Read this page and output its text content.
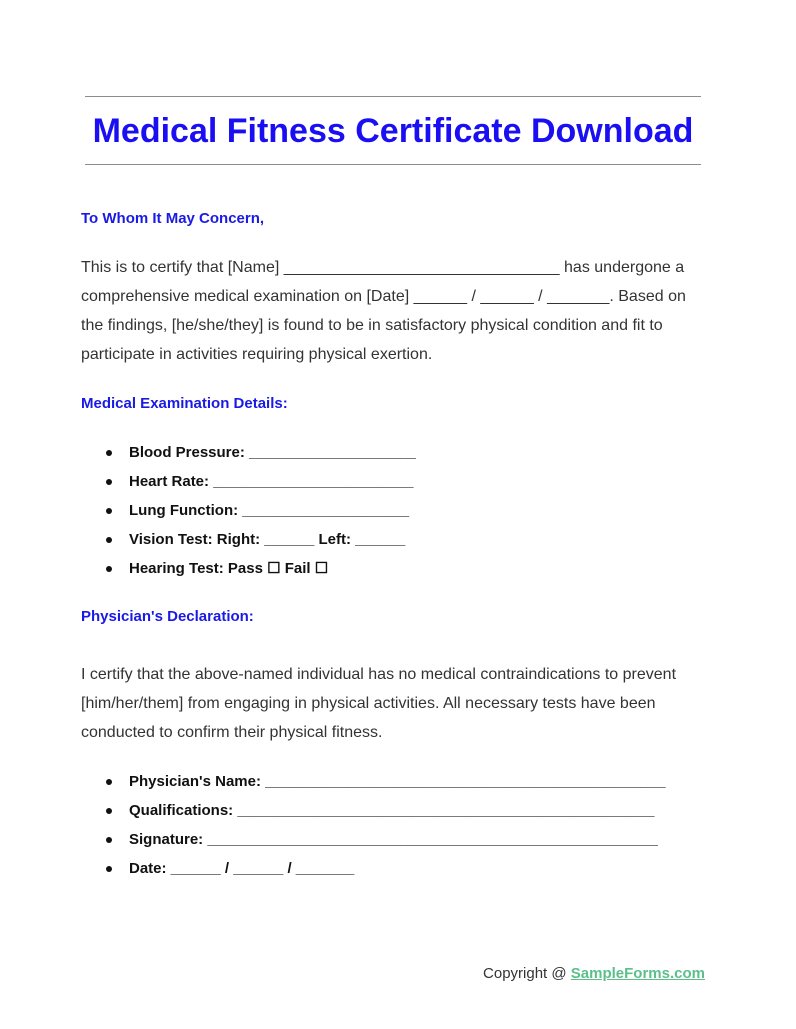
Medical Fitness Certificate Download
To Whom It May Concern,

This is to certify that [Name] _______________________________ has undergone a
comprehensive medical examination on [Date] ______ / ______ / _______. Based on
the findings, [he/she/they] is found to be in satisfactory physical condition and fit to
participate in activities requiring physical exertion.

Medical Examination Details:
Blood Pressure: ____________________
Heart Rate: ________________________
Lung Function: ____________________
Vision Test: Right: ______ Left: ______
Hearing Test: Pass ☐ Fail ☐
Physician's Declaration:

I certify that the above-named individual has no medical contraindications to prevent
[him/her/them] from engaging in physical activities. All necessary tests have been
conducted to confirm their physical fitness.

Physician's Name: ________________________________________________
Qualifications: __________________________________________________
Signature: ______________________________________________________
Date: ______ / ______ / _______
Copyright @ SampleForms.com
